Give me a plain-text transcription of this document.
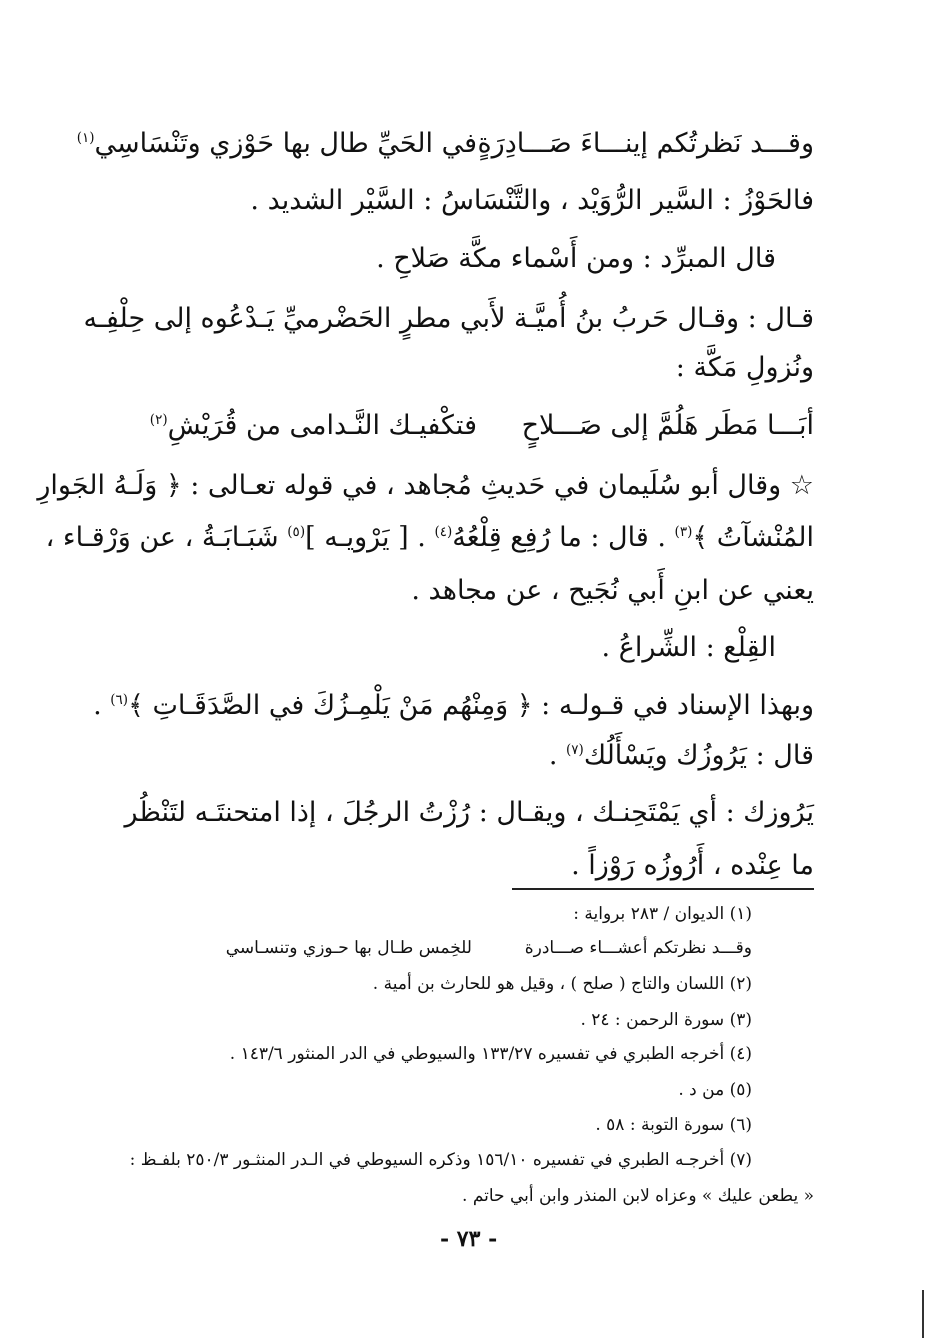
وقـــد نَظرتُكم إينـــاءَ صَـــادِرَةٍ
في الحَيِّ طال بها حَوْزي وتَنْسَاسِي$^{(١)}$
فالحَوْزُ : السَّير الرُّوَيْد ، والتَّنْسَاسُ : السَّيْر الشديد .
قال المبرِّد : ومن أَسْماء مكَّة صَلاحِ .
قـال : وقـال حَربُ بنُ أُميَّـة لأَبي مطرٍ الحَضْرميِّ يَـدْعُوه إلى حِلْفِـه
ونُزولِ مَكَّة :
أبَـــا مَطَر هَلُمَّ إلى صَـــلاحٍ
فتكْفيـك النَّـدامى من قُرَيْشِ$^{(٢)}$
☆ وقال أبو سُلَيمان في حَديثِ مُجاهد ، في قوله تعـالى : ﴿ وَلَـهُ الجَوارِ
المُنْشآتُ ﴾$^{(٣)}$ . قال : ما رُفِع قِلْعُهُ$^{(٤)}$ . [ يَرْويـه ]$^{(٥)}$ شَبَـابَـةُ ، عن وَرْقـاء ،
يعني عن ابنِ أَبي نُجَيح ، عن مجاهد .
القِلْع : الشِّراعُ .
وبهذا الإسناد في قـولـه : ﴿ وَمِنْهُم مَنْ يَلْمِـزُكَ في الصَّدَقَـاتِ ﴾$^{(٦)}$ .
قال : يَرُوزُك ويَسْأَلُك$^{(٧)}$ .
يَرُوزك : أي يَمْتَحِنـك ، ويقـال : رُزْتُ الرجُلَ ، إذا امتحنتَـه لتَنْظُر
ما عِنْده ، أَرُوزُه رَوْزاً .
(١) الديوان / ٢٨٣ برواية :
وقـــد نظرتكم أعشـــاء صـــادرة
للخِمس طـال بها حـوزي وتنسـاسي
(٢) اللسان والتاج ( صلح ) ، وقيل هو للحارث بن أمية .
(٣) سورة الرحمن : ٢٤ .
(٤) أخرجه الطبري في تفسيره ١٣٣/٢٧ والسيوطي في الدر المنثور ١٤٣/٦ .
(٥) من د .
(٦) سورة التوبة : ٥٨ .
(٧) أخرجـه الطبري في تفسيره ١٥٦/١٠ وذكره السيوطي في الـدر المنثـور ٢٥٠/٣ بلفـظ :
« يطعن عليك » وعزاه لابن المنذر وابن أبي حاتم .
- ٧٣ -
